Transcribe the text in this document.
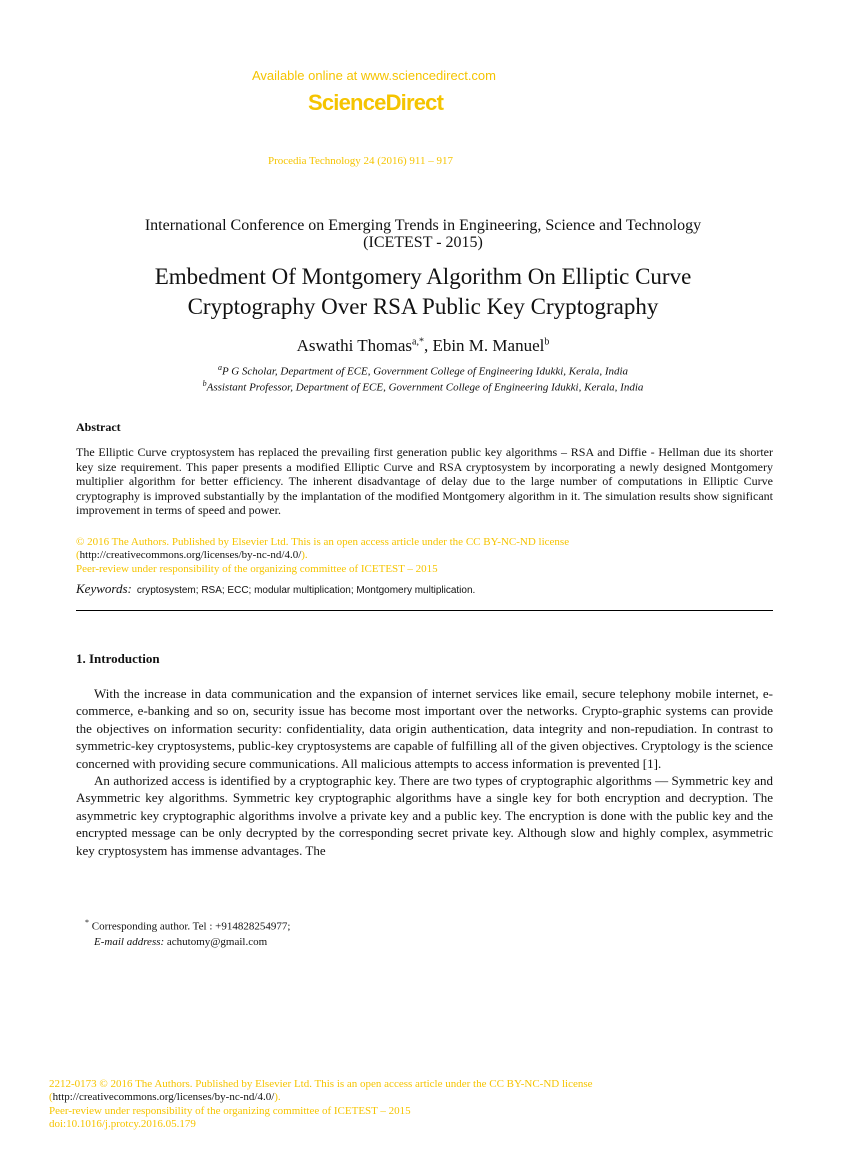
Available online at www.sciencedirect.com
ScienceDirect
Procedia Technology 24 (2016) 911 – 917
International Conference on Emerging Trends in Engineering, Science and Technology
(ICETEST - 2015)
Embedment Of Montgomery Algorithm On Elliptic Curve
Cryptography Over RSA Public Key Cryptography
Aswathi Thomas$^{a,*}$, Ebin M. Manuel$^b$
$^a$P G Scholar, Department of ECE, Government College of Engineering Idukki, Kerala, India
$^b$Assistant Professor, Department of ECE, Government College of Engineering Idukki, Kerala, India
Abstract
The Elliptic Curve cryptosystem has replaced the prevailing first generation public key algorithms – RSA and Diffie - Hellman due its shorter key size requirement. This paper presents a modified Elliptic Curve and RSA cryptosystem by incorporating a newly designed Montgomery multiplier algorithm for better efficiency. The inherent disadvantage of delay due to the large number of computations in Elliptic Curve cryptography is improved substantially by the implantation of the modified Montgomery algorithm in it. The simulation results show significant improvement in terms of speed and power.
© 2016 The Authors. Published by Elsevier Ltd. This is an open access article under the CC BY-NC-ND license
(http://creativecommons.org/licenses/by-nc-nd/4.0/).
Peer-review under responsibility of the organizing committee of ICETEST – 2015
Keywords: cryptosystem; RSA; ECC; modular multiplication; Montgomery multiplication.
1. Introduction

With the increase in data communication and the expansion of internet services like email, secure telephony mobile internet, e-commerce, e-banking and so on, security issue has become most important over the networks. Crypto-graphic systems can provide the objectives on information security: confidentiality, data origin authentication, data integrity and non-repudiation. In contrast to symmetric-key cryptosystems, public-key cryptosystems are capable of fulfilling all of the given objectives. Cryptology is the science concerned with providing secure communications. All malicious attempts to access information is prevented [1].

An authorized access is identified by a cryptographic key. There are two types of cryptographic algorithms — Symmetric key and Asymmetric key algorithms. Symmetric key cryptographic algorithms have a single key for both encryption and decryption. The asymmetric key cryptographic algorithms involve a private key and a public key. The encryption is done with the public key and the encrypted message can be only decrypted by the corresponding secret private key. Although slow and highly complex, asymmetric key cryptosystem has immense advantages. The

* Corresponding author. Tel : +914828254977;
E-mail address: achutomy@gmail.com
2212-0173 © 2016 The Authors. Published by Elsevier Ltd. This is an open access article under the CC BY-NC-ND license
(http://creativecommons.org/licenses/by-nc-nd/4.0/).
Peer-review under responsibility of the organizing committee of ICETEST – 2015
doi:10.1016/j.protcy.2016.05.179
